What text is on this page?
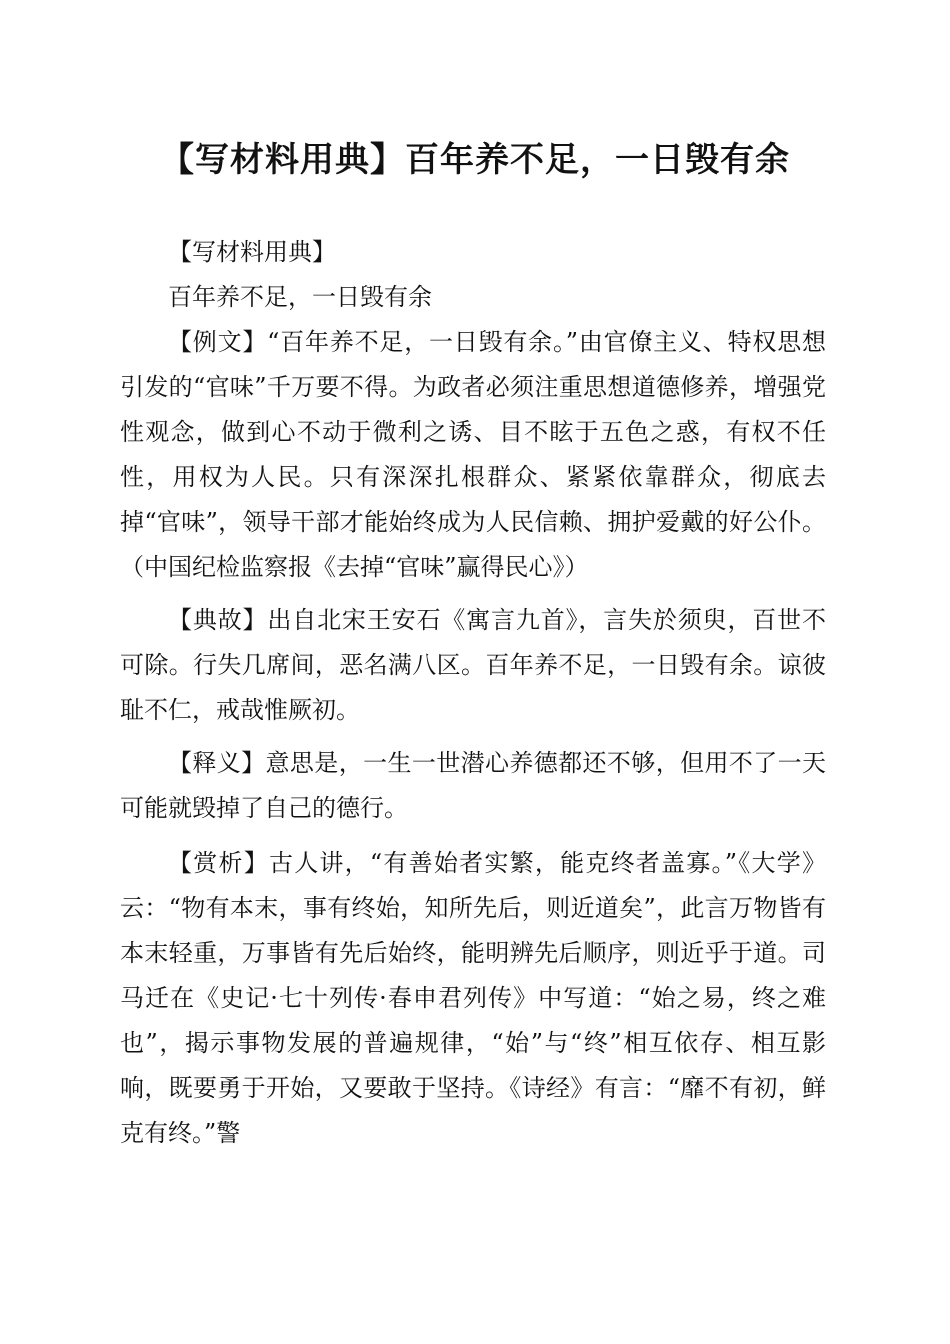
【写材料用典】百年养不足，一日毁有余

【写材料用典】

百年养不足，一日毁有余

【例文】“百年养不足，一日毁有余。”由官僚主义、特权思想引发的“官味”千万要不得。为政者必须注重思想道德修养，增强党性观念，做到心不动于微利之诱、目不眩于五色之惑，有权不任性，用权为人民。只有深深扎根群众、紧紧依靠群众，彻底去掉“官味”，领导干部才能始终成为人民信赖、拥护爱戴的好公仆。（中国纪检监察报《去掉“官味”赢得民心》）

【典故】出自北宋王安石《寓言九首》，言失於须臾，百世不可除。行失几席间，恶名满八区。百年养不足，一日毁有余。谅彼耻不仁，戒哉惟厥初。

【释义】意思是，一生一世潜心养德都还不够，但用不了一天可能就毁掉了自己的德行。

【赏析】古人讲，“有善始者实繁，能克终者盖寡。”《大学》云：“物有本末，事有终始，知所先后，则近道矣”，此言万物皆有本末轻重，万事皆有先后始终，能明辨先后顺序，则近乎于道。司马迁在《史记·七十列传·春申君列传》中写道：“始之易，终之难也”，揭示事物发展的普遍规律，“始”与“终”相互依存、相互影响，既要勇于开始，又要敢于坚持。《诗经》有言：“靡不有初，鲜克有终。”警
